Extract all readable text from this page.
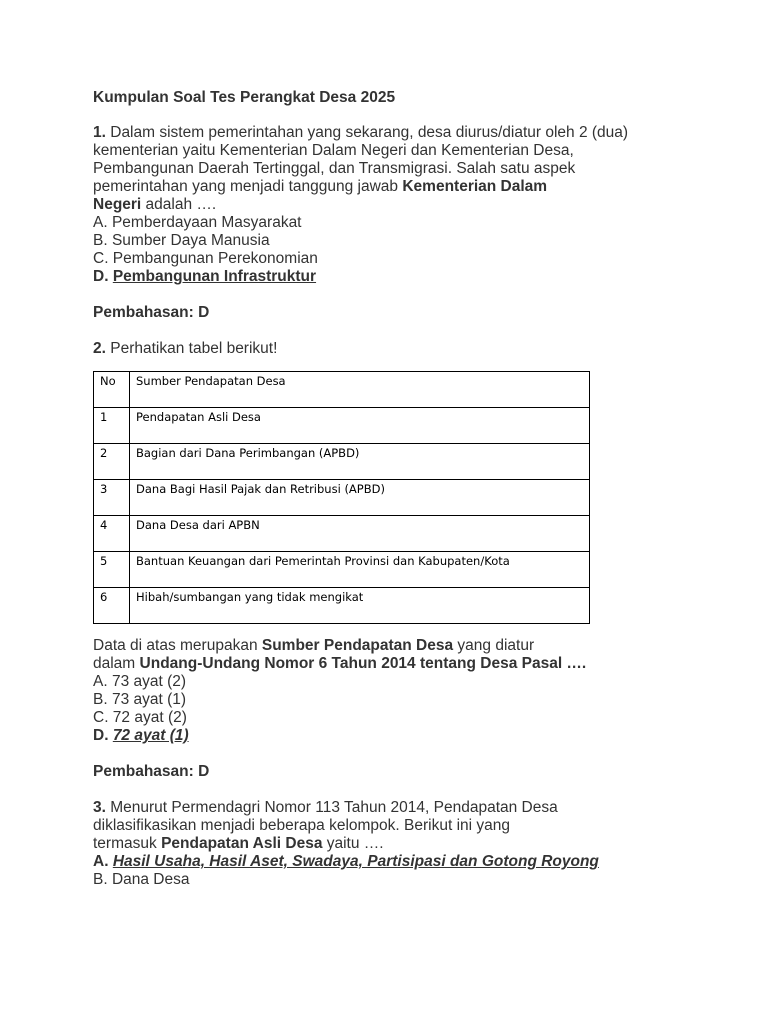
Kumpulan Soal Tes Perangkat Desa 2025
1. Dalam sistem pemerintahan yang sekarang, desa diurus/diatur oleh 2 (dua)
kementerian yaitu Kementerian Dalam Negeri dan Kementerian Desa,
Pembangunan Daerah Tertinggal, dan Transmigrasi. Salah satu aspek
pemerintahan yang menjadi tanggung jawab Kementerian Dalam
Negeri adalah ….
A. Pemberdayaan Masyarakat
B. Sumber Daya Manusia
C. Pembangunan Perekonomian
D. Pembangunan Infrastruktur
Pembahasan: D
2. Perhatikan tabel berikut!
No	Sumber Pendapatan Desa
1	Pendapatan Asli Desa
2	Bagian dari Dana Perimbangan (APBD)
3	Dana Bagi Hasil Pajak dan Retribusi (APBD)
4	Dana Desa dari APBN
5	Bantuan Keuangan dari Pemerintah Provinsi dan Kabupaten/Kota
6	Hibah/sumbangan yang tidak mengikat
Data di atas merupakan Sumber Pendapatan Desa yang diatur
dalam Undang-Undang Nomor 6 Tahun 2014 tentang Desa Pasal ….
A. 73 ayat (2)
B. 73 ayat (1)
C. 72 ayat (2)
D. 72 ayat (1)
Pembahasan: D
3. Menurut Permendagri Nomor 113 Tahun 2014, Pendapatan Desa
diklasifikasikan menjadi beberapa kelompok. Berikut ini yang
termasuk Pendapatan Asli Desa yaitu ….
A. Hasil Usaha, Hasil Aset, Swadaya, Partisipasi dan Gotong Royong
B. Dana Desa
